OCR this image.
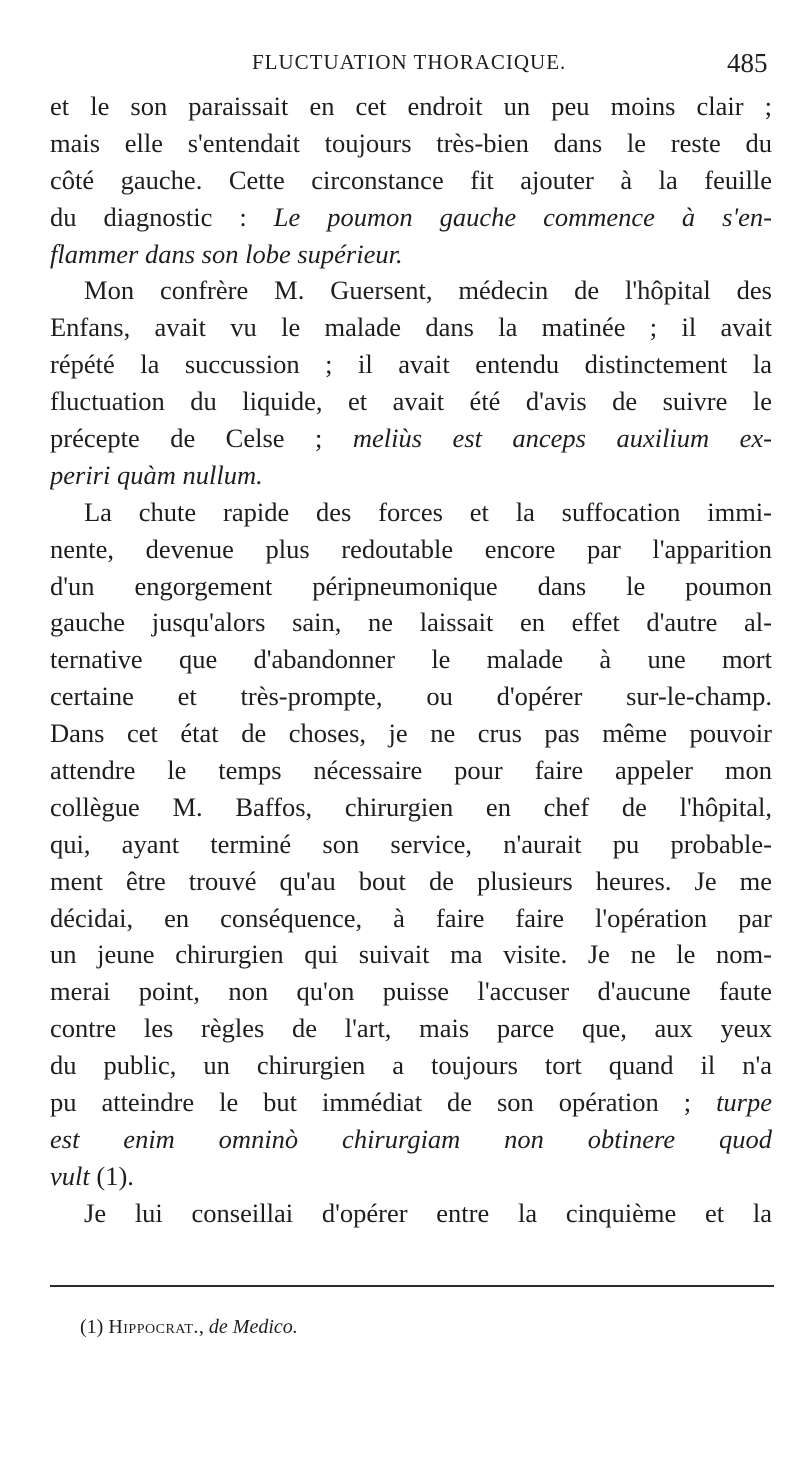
FLUCTUATION THORACIQUE.	485
et le son paraissait en cet endroit un peu moins clair ;
mais elle s'entendait toujours très-bien dans le reste du
côté gauche. Cette circonstance fit ajouter à la feuille
du diagnostic : Le poumon gauche commence à s'en-
flammer dans son lobe supérieur.
Mon confrère M. Guersent, médecin de l'hôpital des
Enfans, avait vu le malade dans la matinée ; il avait
répété la succussion ; il avait entendu distinctement la
fluctuation du liquide, et avait été d'avis de suivre le
précepte de Celse ; meliùs est anceps auxilium ex-
periri quàm nullum.
La chute rapide des forces et la suffocation immi-
nente, devenue plus redoutable encore par l'apparition
d'un engorgement péripneumonique dans le poumon
gauche jusqu'alors sain, ne laissait en effet d'autre al-
ternative que d'abandonner le malade à une mort
certaine et très-prompte, ou d'opérer sur-le-champ.
Dans cet état de choses, je ne crus pas même pouvoir
attendre le temps nécessaire pour faire appeler mon
collègue M. Baffos, chirurgien en chef de l'hôpital,
qui, ayant terminé son service, n'aurait pu probable-
ment être trouvé qu'au bout de plusieurs heures. Je me
décidai, en conséquence, à faire faire l'opération par
un jeune chirurgien qui suivait ma visite. Je ne le nom-
merai point, non qu'on puisse l'accuser d'aucune faute
contre les règles de l'art, mais parce que, aux yeux
du public, un chirurgien a toujours tort quand il n'a
pu atteindre le but immédiat de son opération ; turpe
est enim omninò chirurgiam non obtinere quod
vult (1).
Je lui conseillai d'opérer entre la cinquième et la
(1) Hippocrat., de Medico.
